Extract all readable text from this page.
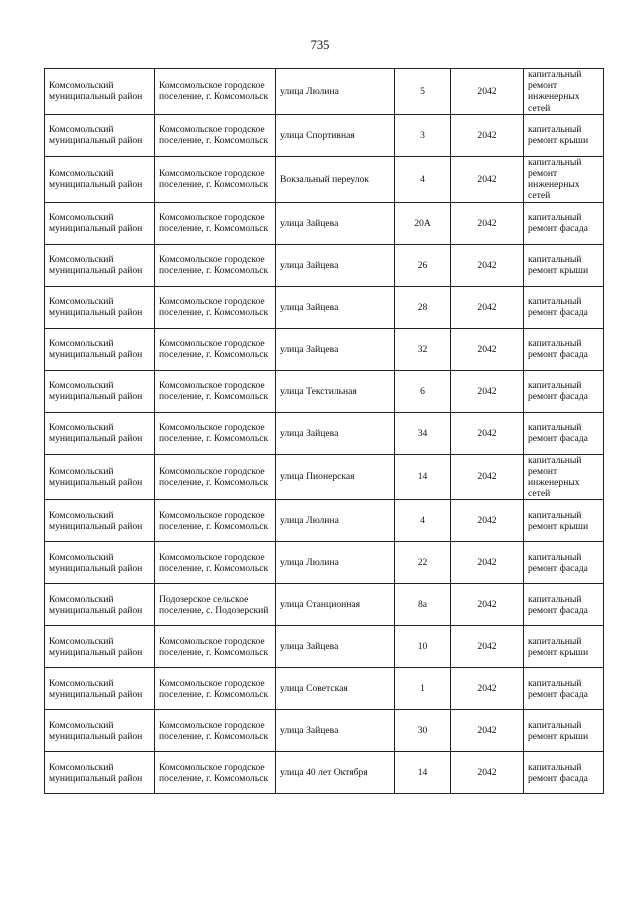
735
Комсомольский муниципальный район	Комсомольское городское поселение, г. Комсомольск	улица Люлина	5	2042	капитальный ремонт инженерных сетей
Комсомольский муниципальный район	Комсомольское городское поселение, г. Комсомольск	улица Спортивная	3	2042	капитальный ремонт крыши
Комсомольский муниципальный район	Комсомольское городское поселение, г. Комсомольск	Вокзальный переулок	4	2042	капитальный ремонт инженерных сетей
Комсомольский муниципальный район	Комсомольское городское поселение, г. Комсомольск	улица Зайцева	20А	2042	капитальный ремонт фасада
Комсомольский муниципальный район	Комсомольское городское поселение, г. Комсомольск	улица Зайцева	26	2042	капитальный ремонт крыши
Комсомольский муниципальный район	Комсомольское городское поселение, г. Комсомольск	улица Зайцева	28	2042	капитальный ремонт фасада
Комсомольский муниципальный район	Комсомольское городское поселение, г. Комсомольск	улица Зайцева	32	2042	капитальный ремонт фасада
Комсомольский муниципальный район	Комсомольское городское поселение, г. Комсомольск	улица Текстильная	6	2042	капитальный ремонт фасада
Комсомольский муниципальный район	Комсомольское городское поселение, г. Комсомольск	улица Зайцева	34	2042	капитальный ремонт фасада
Комсомольский муниципальный район	Комсомольское городское поселение, г. Комсомольск	улица Пионерская	14	2042	капитальный ремонт инженерных сетей
Комсомольский муниципальный район	Комсомольское городское поселение, г. Комсомольск	улица Люлина	4	2042	капитальный ремонт крыши
Комсомольский муниципальный район	Комсомольское городское поселение, г. Комсомольск	улица Люлина	22	2042	капитальный ремонт фасада
Комсомольский муниципальный район	Подозерское сельское поселение, с. Подозерский	улица Станционная	8а	2042	капитальный ремонт фасада
Комсомольский муниципальный район	Комсомольское городское поселение, г. Комсомольск	улица Зайцева	10	2042	капитальный ремонт крыши
Комсомольский муниципальный район	Комсомольское городское поселение, г. Комсомольск	улица Советская	1	2042	капитальный ремонт фасада
Комсомольский муниципальный район	Комсомольское городское поселение, г. Комсомольск	улица Зайцева	30	2042	капитальный ремонт крыши
Комсомольский муниципальный район	Комсомольское городское поселение, г. Комсомольск	улица 40 лет Октября	14	2042	капитальный ремонт фасада
